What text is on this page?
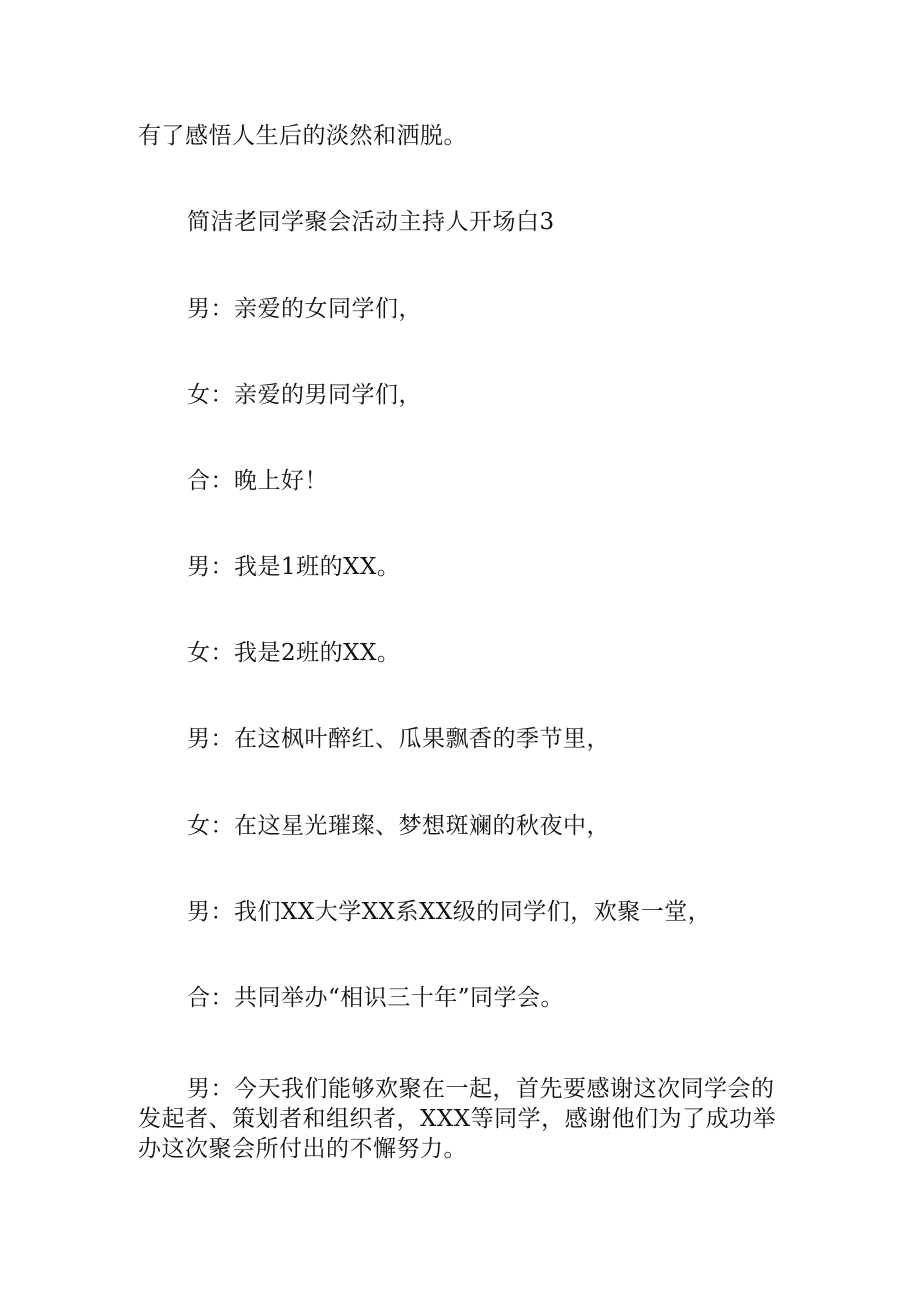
有了感悟人生后的淡然和洒脱。
简洁老同学聚会活动主持人开场白3
男：亲爱的女同学们，
女：亲爱的男同学们，
合：晚上好！
男：我是1班的XX。
女：我是2班的XX。
男：在这枫叶醉红、瓜果飘香的季节里，
女：在这星光璀璨、梦想斑斓的秋夜中，
男：我们XX大学XX系XX级的同学们，欢聚一堂，
合：共同举办“相识三十年”同学会。
男：今天我们能够欢聚在一起，首先要感谢这次同学会的
发起者、策划者和组织者，XXX等同学，感谢他们为了成功举
办这次聚会所付出的不懈努力。
